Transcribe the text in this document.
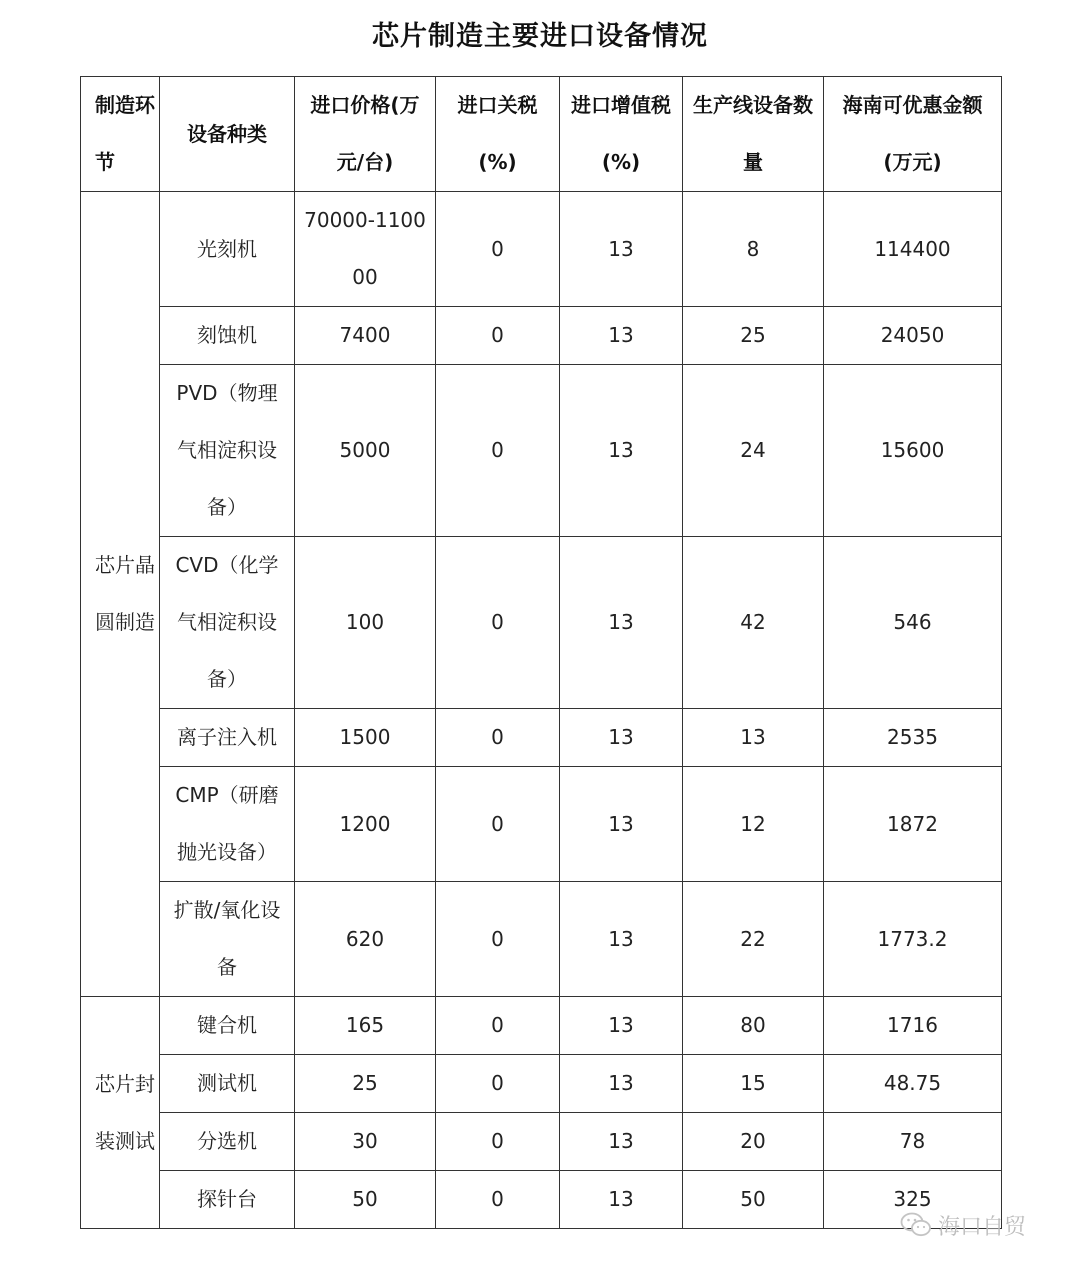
芯片制造主要进口设备情况
制造环节	设备种类	进口价格(万元/台)	进口关税(%)	进口增值税(%)	生产线设备数量	海南可优惠金额(万元)
芯片晶圆制造	光刻机	70000-110000	0	13	8	114400
	刻蚀机	7400	0	13	25	24050
	PVD（物理气相淀积设备）	5000	0	13	24	15600
	CVD（化学气相淀积设备）	100	0	13	42	546
	离子注入机	1500	0	13	13	2535
	CMP（研磨抛光设备）	1200	0	13	12	1872
	扩散/氧化设备	620	0	13	22	1773.2
芯片封装测试	键合机	165	0	13	80	1716
	测试机	25	0	13	15	48.75
	分选机	30	0	13	20	78
	探针台	50	0	13	50	325
海口自贸
